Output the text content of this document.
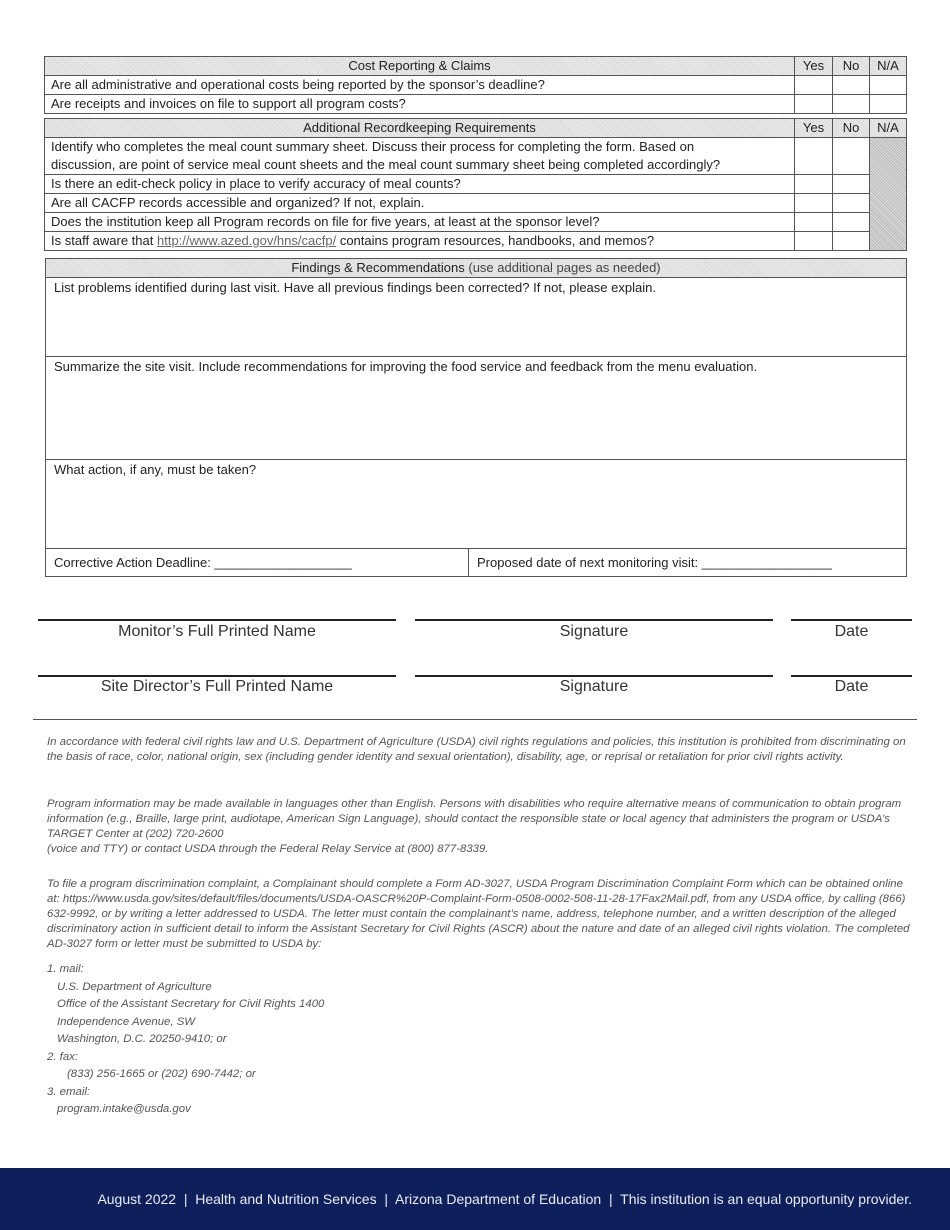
Cost Reporting & Claims	Yes	No	N/A
Are all administrative and operational costs being reported by the sponsor’s deadline?			
Are receipts and invoices on file to support all program costs?			
Additional Recordkeeping Requirements	Yes	No	N/A

Identify who completes the meal count summary sheet. Discuss their process for completing the form. Based on
discussion, are point of service meal count sheets and the meal count summary sheet being completed accordingly?			

Is there an edit-check policy in place to verify accuracy of meal counts?			
Are all CACFP records accessible and organized? If not, explain.			
Does the institution keep all Program records on file for five years, at least at the sponsor level?			
Is staff aware that http://www.azed.gov/hns/cacfp/ contains program resources, handbooks, and memos?			
Findings & Recommendations (use additional pages as needed)
List problems identified during last visit. Have all previous findings been corrected? If not, please explain.
Summarize the site visit. Include recommendations for improving the food service and feedback from the menu evaluation.
What action, if any, must be taken?
Corrective Action Deadline: ___________________	Proposed date of next monitoring visit: __________________
Monitor’s Full Printed Name	Signature	Date
Site Director’s Full Printed Name	Signature	Date

In accordance with federal civil rights law and U.S. Department of Agriculture (USDA) civil rights regulations and policies, this institution is prohibited from discriminating on the basis of race, color, national origin, sex (including gender identity and sexual orientation), disability, age, or reprisal or retaliation for prior civil rights activity.

Program information may be made available in languages other than English. Persons with disabilities who require alternative means of communication to obtain program information (e.g., Braille, large print, audiotape, American Sign Language), should contact the responsible state or local agency that administers the program or USDA’s TARGET Center at (202) 720-2600

(voice and TTY) or contact USDA through the Federal Relay Service at (800) 877-8339.

To file a program discrimination complaint, a Complainant should complete a Form AD-3027, USDA Program Discrimination Complaint Form which can be obtained online at: https://www.usda.gov/sites/default/files/documents/USDA-OASCR%20P-Complaint-Form-0508-0002-508-11-28-17Fax2Mail.pdf, from any USDA office, by calling (866) 632-9992, or by writing a letter addressed to USDA. The letter must contain the complainant’s name, address, telephone number, and a written description of the alleged discriminatory action in sufficient detail to inform the Assistant Secretary for Civil Rights (ASCR) about the nature and date of an alleged civil rights violation. The completed AD-3027 form or letter must be submitted to USDA by:

1. mail:
U.S. Department of Agriculture
Office of the Assistant Secretary for Civil Rights 1400
Independence Avenue, SW
Washington, D.C. 20250-9410; or
2. fax:
(833) 256-1665 or (202) 690-7442; or
3. email:
program.intake@usda.gov
August 2022  |  Health and Nutrition Services  |  Arizona Department of Education  |  This institution is an equal opportunity provider.
